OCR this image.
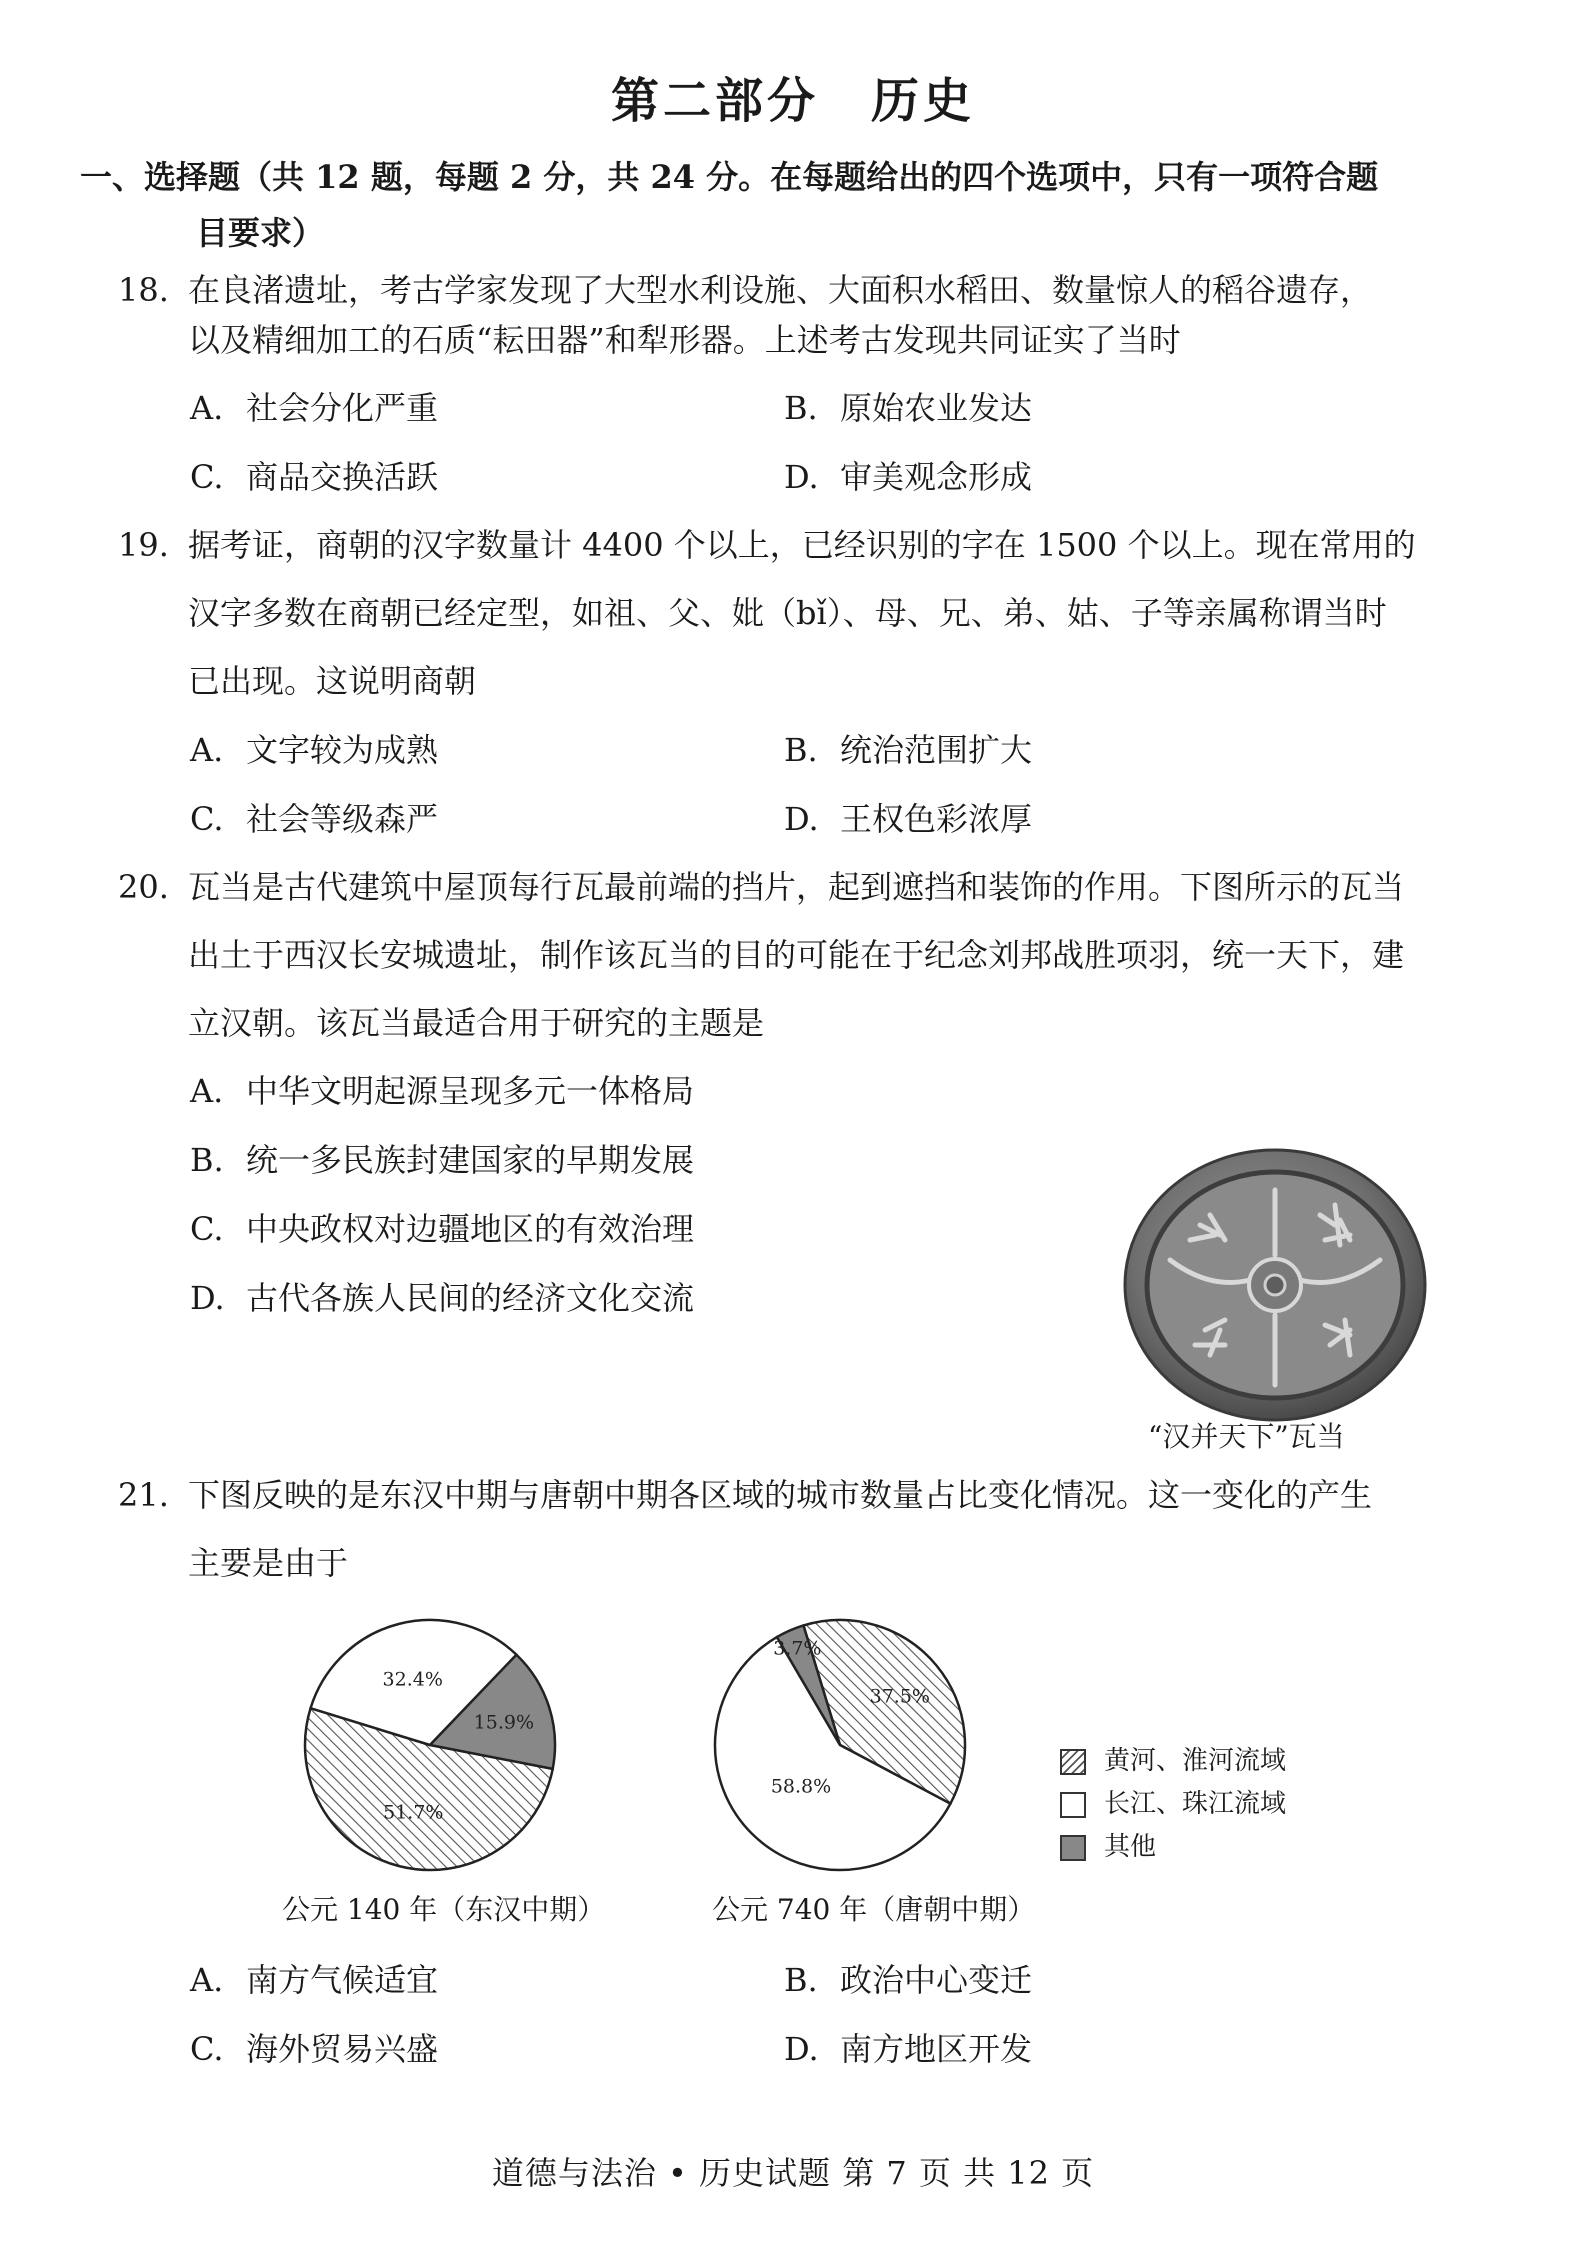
第二部分　历史
一、选择题（共 12 题，每题 2 分，共 24 分。在每题给出的四个选项中，只有一项符合题
目要求）
18. 在良渚遗址，考古学家发现了大型水利设施、大面积水稻田、数量惊人的稻谷遗存，
以及精细加工的石质“耘田器”和犁形器。上述考古发现共同证实了当时
A. 社会分化严重	B. 原始农业发达
C. 商品交换活跃	D. 审美观念形成
19. 据考证，商朝的汉字数量计 4400 个以上，已经识别的字在 1500 个以上。现在常用的
汉字多数在商朝已经定型，如祖、父、妣（bǐ）、母、兄、弟、姑、子等亲属称谓当时
已出现。这说明商朝
A. 文字较为成熟	B. 统治范围扩大
C. 社会等级森严	D. 王权色彩浓厚
20. 瓦当是古代建筑中屋顶每行瓦最前端的挡片，起到遮挡和装饰的作用。下图所示的瓦当
出土于西汉长安城遗址，制作该瓦当的目的可能在于纪念刘邦战胜项羽，统一天下，建
立汉朝。该瓦当最适合用于研究的主题是
A. 中华文明起源呈现多元一体格局
B. 统一多民族封建国家的早期发展
C. 中央政权对边疆地区的有效治理
D. 古代各族人民间的经济文化交流
“汉并天下”瓦当
21. 下图反映的是东汉中期与唐朝中期各区域的城市数量占比变化情况。这一变化的产生
主要是由于
51.7%
32.4%
15.9%
37.5%
58.8%
3.7%
公元 140 年（东汉中期）	公元 740 年（唐朝中期）
黄河、淮河流域
长江、珠江流域
其他
A. 南方气候适宜	B. 政治中心变迁
C. 海外贸易兴盛	D. 南方地区开发
道德与法治 • 历史试题 第 7 页 共 12 页
